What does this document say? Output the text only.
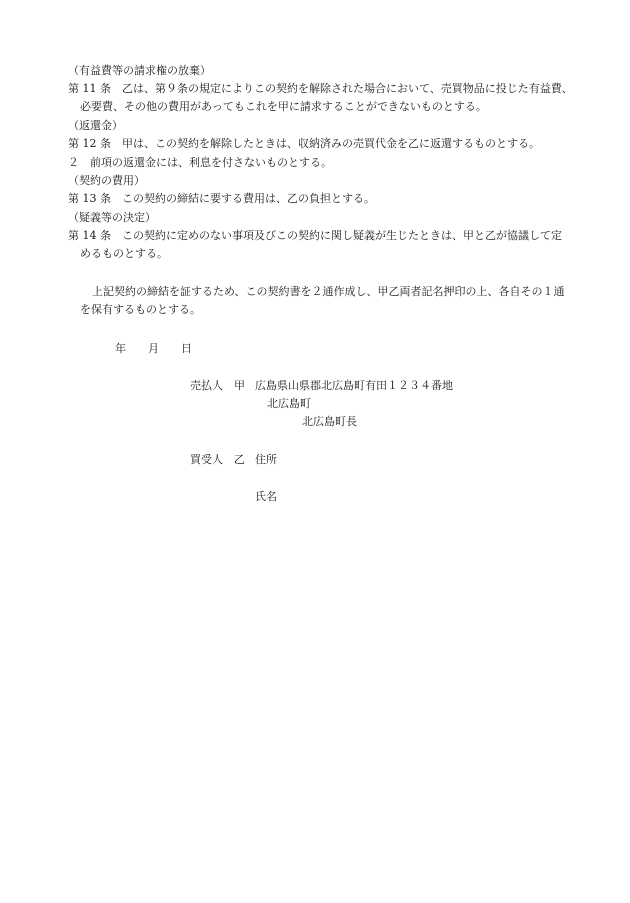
（有益費等の請求権の放棄）
第 11 条　乙は、第９条の規定によりこの契約を解除された場合において、売買物品に投じた有益費、
必要費、その他の費用があってもこれを甲に請求することができないものとする。
（返還金）
第 12 条　甲は、この契約を解除したときは、収納済みの売買代金を乙に返還するものとする。
２　前項の返還金には、利息を付さないものとする。
（契約の費用）
第 13 条　この契約の締結に要する費用は、乙の負担とする。
（疑義等の決定）
第 14 条　この契約に定めのない事項及びこの契約に関し疑義が生じたときは、甲と乙が協議して定
めるものとする。
上記契約の締結を証するため、この契約書を２通作成し、甲乙両者記名押印の上、各自その１通
を保有するものとする。
年　　月　　日
売払人　甲 広島県山県郡北広島町有田１２３４番地
北広島町
北広島町長
買受人　乙 住所
氏名
